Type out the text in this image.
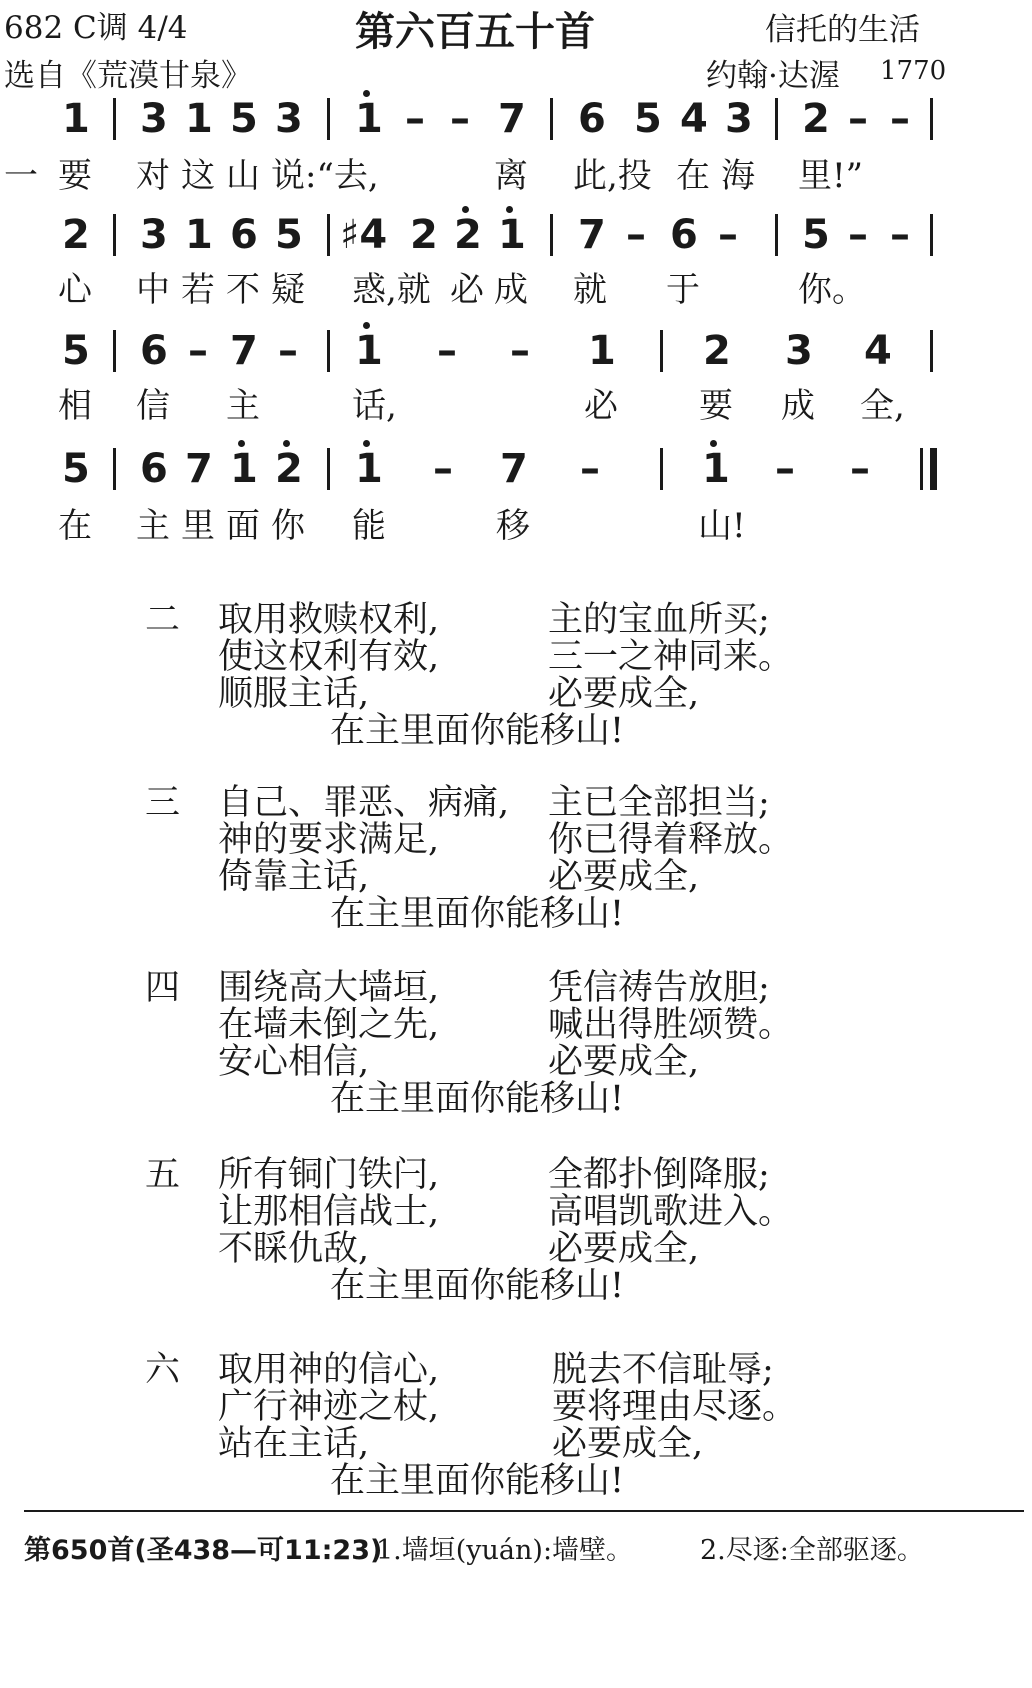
682 C调 4/4	第六百五十首	信托的生活
选自《荒漠甘泉》	约翰·达渥 1770
1 3 1 5 3 1 – – 7 6 5 4 3 2 – –
一 要 对 这 山 说:“去,	离 此,投 在 海 里!”
2 3 1 6 5 ♯4 2 2 1 7 – 6 – 5 – –
心 中 若 不 疑 惑,就 必 成 就 于	你。
5 6 – 7 – 1 – – 1 2 3 4
相 信 主	话,	必 要 成 全,
5 6 7 1 2 1 – 7 –	1 – –
在 主 里 面 你 能	移	山!
二 取用救赎权利,	主的宝血所买;
使这权利有效,	三一之神同来。
顺服主话,	必要成全,
在主里面你能移山!
三 自己、罪恶、病痛, 主已全部担当;
神的要求满足,	你已得着释放。
倚靠主话,	必要成全,
在主里面你能移山!
四 围绕高大墙垣,	凭信祷告放胆;
在墙未倒之先,	喊出得胜颂赞。
安心相信,	必要成全,
在主里面你能移山!
五 所有铜门铁闩,	全都扑倒降服;
让那相信战士,	高唱凯歌进入。
不睬仇敌,	必要成全,
在主里面你能移山!
六 取用神的信心,	脱去不信耻辱;
广行神迹之杖,	要将理由尽逐。
站在主话,	必要成全,
在主里面你能移山!
第650首(圣438—可11:23)
1.墙垣(yuán):墙壁。 2.尽逐:全部驱逐。
